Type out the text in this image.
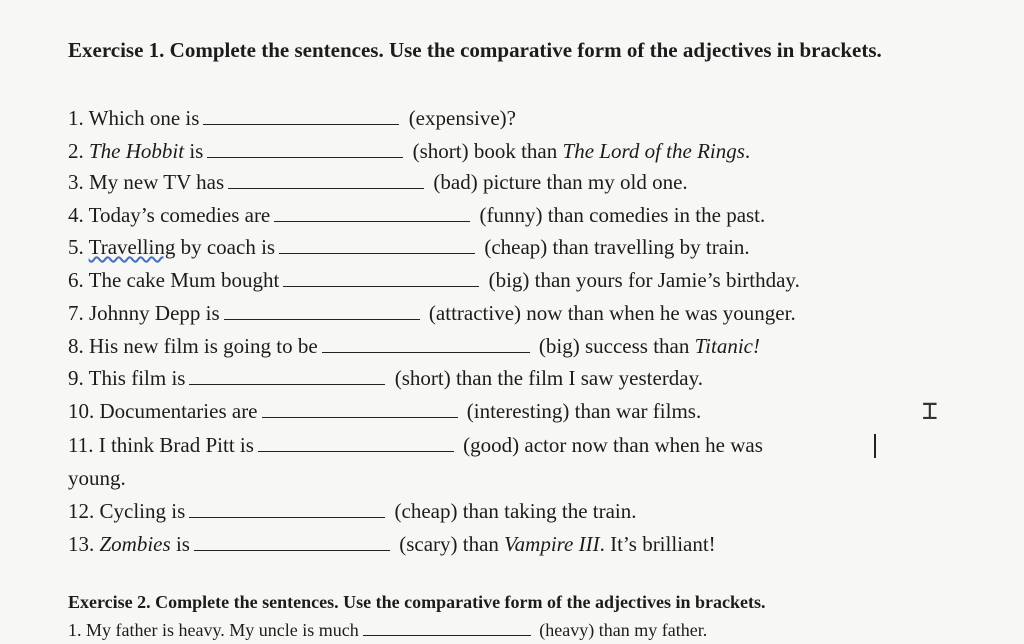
Exercise 1. Complete the sentences. Use the comparative form of the adjectives in brackets.
1. Which one is	(expensive)?
2. The Hobbit is	(short) book than The Lord of the Rings.
3. My new TV has	(bad) picture than my old one.
4. Today’s comedies are	(funny) than comedies in the past.
5. Travelling by coach is	(cheap) than travelling by train.
6. The cake Mum bought	(big) than yours for Jamie’s birthday.
7. Johnny Depp is	(attractive) now than when he was younger.
8. His new film is going to be	(big) success than Titanic!
9. This film is	(short) than the film I saw yesterday.
10. Documentaries are	(interesting) than war films.
11. I think Brad Pitt is	(good) actor now than when he was
young.
12. Cycling is	(cheap) than taking the train.
13. Zombies is	(scary) than Vampire III. It’s brilliant!
Exercise 2. Complete the sentences. Use the comparative form of the adjectives in brackets.
1. My father is heavy. My uncle is much	(heavy) than my father.
⌶
